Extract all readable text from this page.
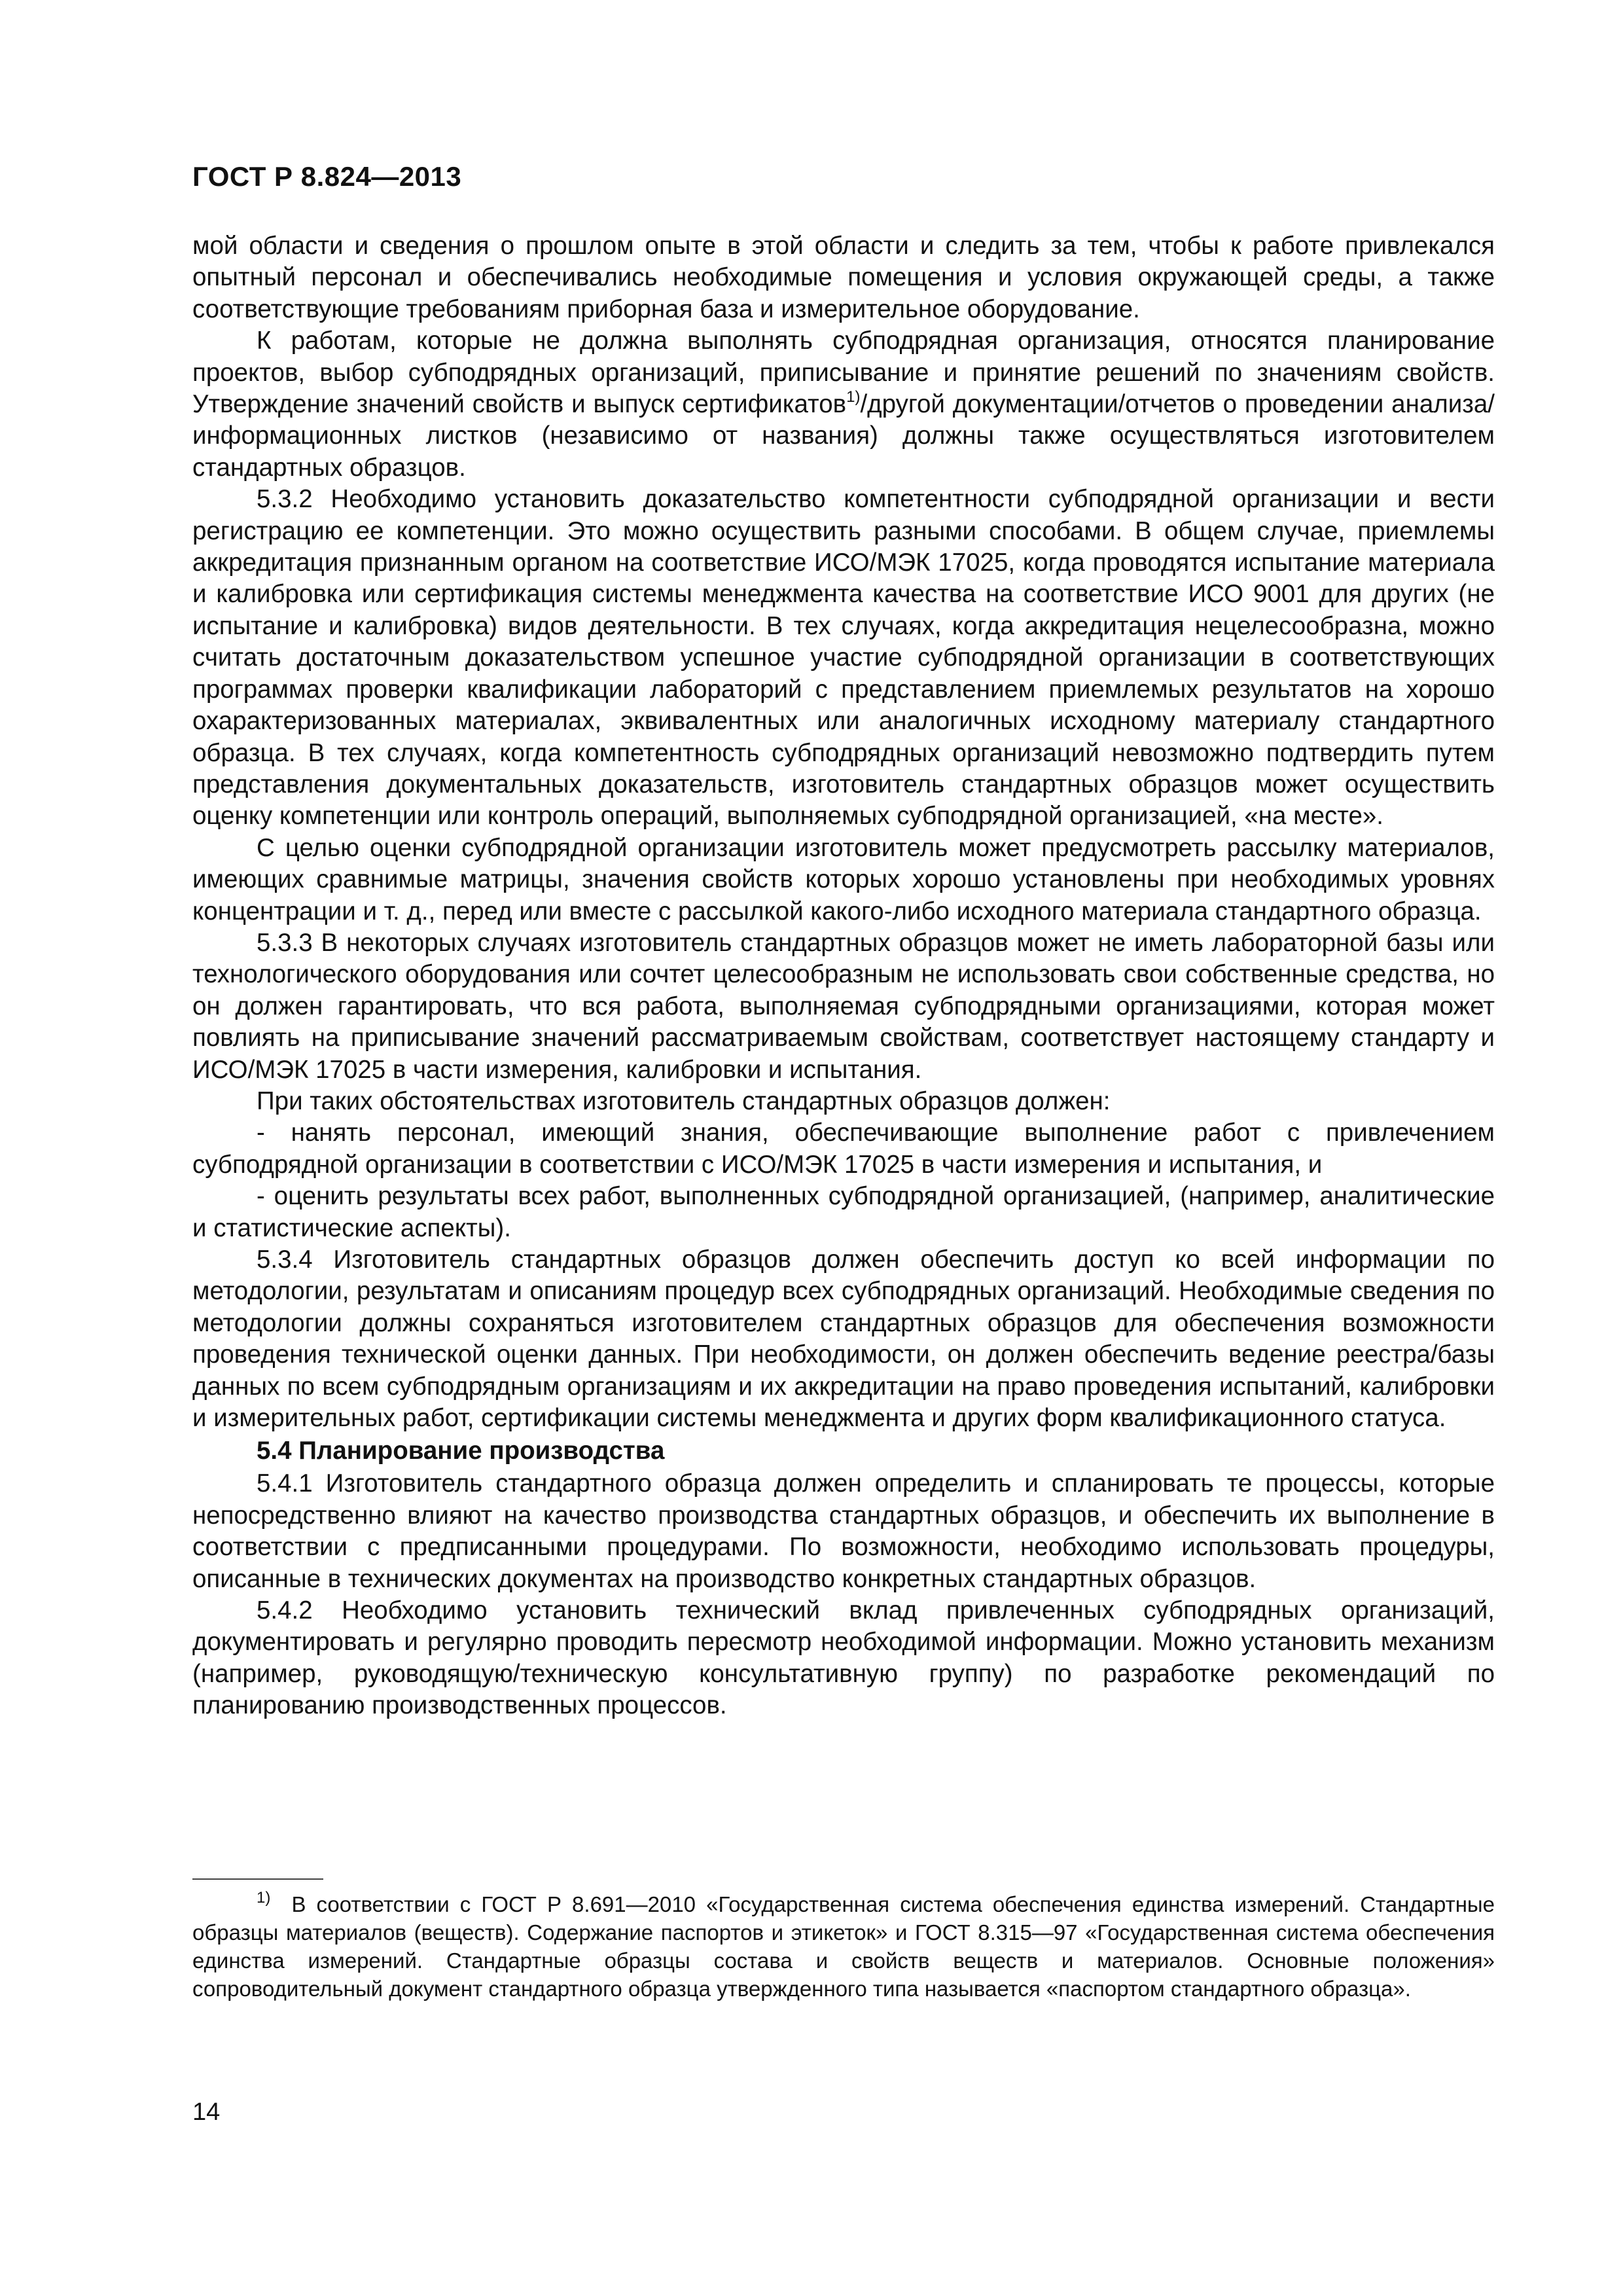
ГОСТ Р 8.824—2013

мой области и сведения о прошлом опыте в этой области и следить за тем, чтобы к работе привлекался опытный персонал и обеспечивались необходимые помещения и условия окружающей среды, а также соответствующие требованиям приборная база и измерительное оборудование.

К работам, которые не должна выполнять субподрядная организация, относятся планирование проектов, выбор субподрядных организаций, приписывание и принятие решений по значениям свойств. Утверждение значений свойств и выпуск сертификатов$^{1)}$/другой документации/отчетов о проведении анализа/информационных листков (независимо от названия) должны также осуществляться изготовителем стандартных образцов.

5.3.2 Необходимо установить доказательство компетентности субподрядной организации и вести регистрацию ее компетенции. Это можно осуществить разными способами. В общем случае, приемлемы аккредитация признанным органом на соответствие ИСО/МЭК 17025, когда проводятся испытание материала и калибровка или сертификация системы менеджмента качества на соответствие ИСО 9001 для других (не испытание и калибровка) видов деятельности. В тех случаях, когда аккредитация нецелесообразна, можно считать достаточным доказательством успешное участие субподрядной организации в соответствующих программах проверки квалификации лабораторий с представлением приемлемых результатов на хорошо охарактеризованных материалах, эквивалентных или аналогичных исходному материалу стандартного образца. В тех случаях, когда компетентность субподрядных организаций невозможно подтвердить путем представления документальных доказательств, изготовитель стандартных образцов может осуществить оценку компетенции или контроль операций, выполняемых субподрядной организацией, «на месте».

С целью оценки субподрядной организации изготовитель может предусмотреть рассылку материалов, имеющих сравнимые матрицы, значения свойств которых хорошо установлены при необходимых уровнях концентрации и т. д., перед или вместе с рассылкой какого-либо исходного материала стандартного образца.

5.3.3 В некоторых случаях изготовитель стандартных образцов может не иметь лабораторной базы или технологического оборудования или сочтет целесообразным не использовать свои собственные средства, но он должен гарантировать, что вся работа, выполняемая субподрядными организациями, которая может повлиять на приписывание значений рассматриваемым свойствам, соответствует настоящему стандарту и ИСО/МЭК 17025 в части измерения, калибровки и испытания.

При таких обстоятельствах изготовитель стандартных образцов должен:

- нанять персонал, имеющий знания, обеспечивающие выполнение работ с привлечением субподрядной организации в соответствии с ИСО/МЭК 17025 в части измерения и испытания, и

- оценить результаты всех работ, выполненных субподрядной организацией, (например, аналитические и статистические аспекты).

5.3.4 Изготовитель стандартных образцов должен обеспечить доступ ко всей информации по методологии, результатам и описаниям процедур всех субподрядных организаций. Необходимые сведения по методологии должны сохраняться изготовителем стандартных образцов для обеспечения возможности проведения технической оценки данных. При необходимости, он должен обеспечить ведение реестра/базы данных по всем субподрядным организациям и их аккредитации на право проведения испытаний, калибровки и измерительных работ, сертификации системы менеджмента и других форм квалификационного статуса.

5.4 Планирование производства

5.4.1 Изготовитель стандартного образца должен определить и спланировать те процессы, которые непосредственно влияют на качество производства стандартных образцов, и обеспечить их выполнение в соответствии с предписанными процедурами. По возможности, необходимо использовать процедуры, описанные в технических документах на производство конкретных стандартных образцов.

5.4.2 Необходимо установить технический вклад привлеченных субподрядных организаций, документировать и регулярно проводить пересмотр необходимой информации. Можно установить механизм (например, руководящую/техническую консультативную группу) по разработке рекомендаций по планированию производственных процессов.

$^{1)}$ В соответствии с ГОСТ Р 8.691—2010 «Государственная система обеспечения единства измерений. Стандартные образцы материалов (веществ). Содержание паспортов и этикеток» и ГОСТ 8.315—97 «Государственная система обеспечения единства измерений. Стандартные образцы состава и свойств веществ и материалов. Основные положения» сопроводительный документ стандартного образца утвержденного типа называется «паспортом стандартного образца».

14
